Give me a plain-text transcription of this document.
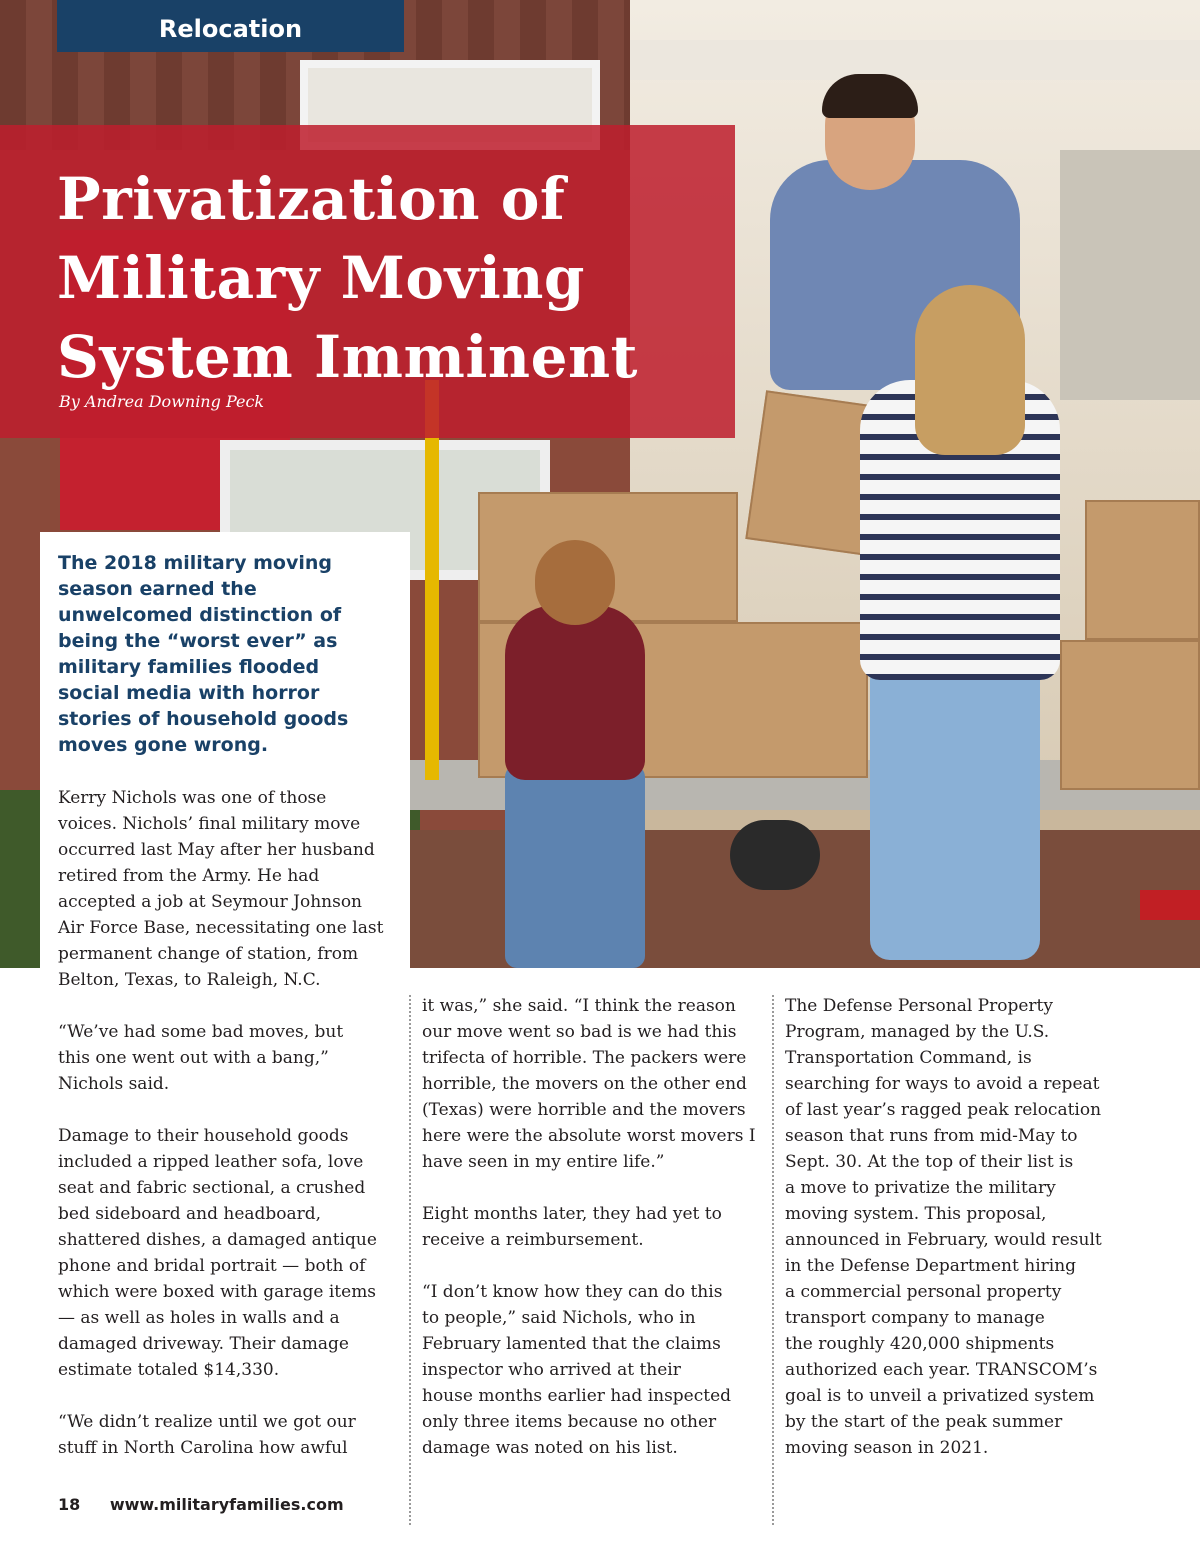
Relocation
Privatization of
Military Moving
System Imminent
By Andrea Downing Peck
The 2018 military moving
season earned the
unwelcomed distinction of
being the “worst ever” as
military families flooded
social media with horror
stories of household goods
moves gone wrong.
Kerry Nichols was one of those
voices. Nichols’ final military move
occurred last May after her husband
retired from the Army. He had
accepted a job at Seymour Johnson
Air Force Base, necessitating one last
permanent change of station, from
Belton, Texas, to Raleigh, N.C.
“We’ve had some bad moves, but
this one went out with a bang,”
Nichols said.
Damage to their household goods
included a ripped leather sofa, love
seat and fabric sectional, a crushed
bed sideboard and headboard,
shattered dishes, a damaged antique
phone and bridal portrait — both of
which were boxed with garage items
— as well as holes in walls and a
damaged driveway. Their damage
estimate totaled $14,330.
“We didn’t realize until we got our
stuff in North Carolina how awful
it was,” she said. “I think the reason
our move went so bad is we had this
trifecta of horrible. The packers were
horrible, the movers on the other end
(Texas) were horrible and the movers
here were the absolute worst movers I
have seen in my entire life.”
Eight months later, they had yet to
receive a reimbursement.
“I don’t know how they can do this
to people,” said Nichols, who in
February lamented that the claims
inspector who arrived at their
house months earlier had inspected
only three items because no other
damage was noted on his list.
The Defense Personal Property
Program, managed by the U.S.
Transportation Command, is
searching for ways to avoid a repeat
of last year’s ragged peak relocation
season that runs from mid-May to
Sept. 30. At the top of their list is
a move to privatize the military
moving system. This proposal,
announced in February, would result
in the Defense Department hiring
a commercial personal property
transport company to manage
the roughly 420,000 shipments
authorized each year. TRANSCOM’s
goal is to unveil a privatized system
by the start of the peak summer
moving season in 2021.
18 www.militaryfamilies.com
